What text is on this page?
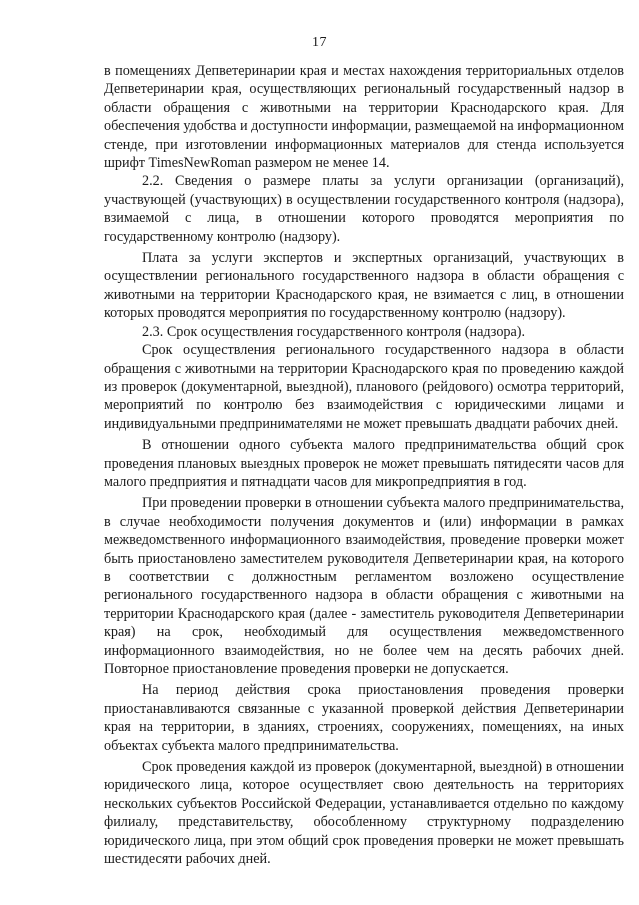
17

в помещениях Депветеринарии края и местах нахождения территориальных отделов Депветеринарии края, осуществляющих региональный государственный надзор в области обращения с животными на территории Краснодарского края. Для обеспечения удобства и доступности информации, размещаемой на информационном стенде, при изготовлении информационных материалов для стенда используется шрифт TimesNewRoman размером не менее 14.

2.2. Сведения о размере платы за услуги организации (организаций), участвующей (участвующих) в осуществлении государственного контроля (надзора), взимаемой с лица, в отношении которого проводятся мероприятия по государственному контролю (надзору).

Плата за услуги экспертов и экспертных организаций, участвующих в осуществлении регионального государственного надзора в области обращения с животными на территории Краснодарского края, не взимается с лиц, в отношении которых проводятся мероприятия по государственному контролю (надзору).

2.3. Срок осуществления государственного контроля (надзора).

Срок осуществления регионального государственного надзора в области обращения с животными на территории Краснодарского края по проведению каждой из проверок (документарной, выездной), планового (рейдового) осмотра территорий, мероприятий по контролю без взаимодействия с юридическими лицами и индивидуальными предпринимателями не может превышать двадцати рабочих дней.

В отношении одного субъекта малого предпринимательства общий срок проведения плановых выездных проверок не может превышать пятидесяти часов для малого предприятия и пятнадцати часов для микропредприятия в год.

При проведении проверки в отношении субъекта малого предпринимательства, в случае необходимости получения документов и (или) информации в рамках межведомственного информационного взаимодействия, проведение проверки может быть приостановлено заместителем руководителя Депветеринарии края, на которого в соответствии с должностным регламентом возложено осуществление регионального государственного надзора в области обращения с животными на территории Краснодарского края (далее - заместитель руководителя Депветеринарии края) на срок, необходимый для осуществления межведомственного информационного взаимодействия, но не более чем на десять рабочих дней. Повторное приостановление проведения проверки не допускается.

На период действия срока приостановления проведения проверки приостанавливаются связанные с указанной проверкой действия Депветеринарии края на территории, в зданиях, строениях, сооружениях, помещениях, на иных объектах субъекта малого предпринимательства.

Срок проведения каждой из проверок (документарной, выездной) в отношении юридического лица, которое осуществляет свою деятельность на территориях нескольких субъектов Российской Федерации, устанавливается отдельно по каждому филиалу, представительству, обособленному структурному подразделению юридического лица, при этом общий срок проведения проверки не может превышать шестидесяти рабочих дней.
